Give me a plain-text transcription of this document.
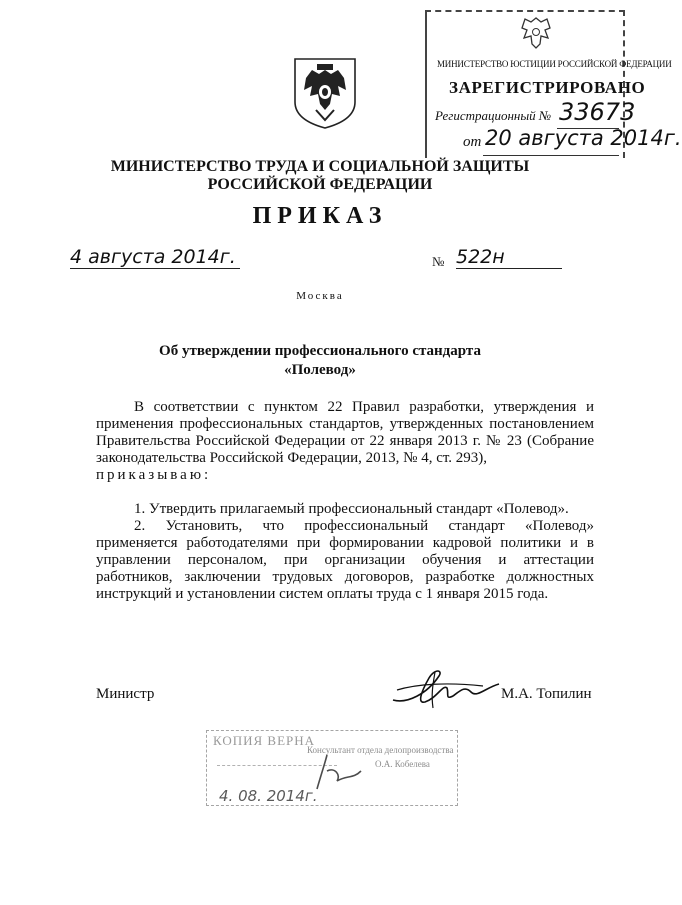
МИНИСТЕРСТВО ЮСТИЦИИ РОССИЙСКОЙ ФЕДЕРАЦИИ
ЗАРЕГИСТРИРОВАНО
Регистрационный № 33673
от 20 августа 2014г.
МИНИСТЕРСТВО ТРУДА И СОЦИАЛЬНОЙ ЗАЩИТЫ
РОССИЙСКОЙ ФЕДЕРАЦИИ
ПРИКАЗ
4 августа 2014г.	№ 522н
Москва
Об утверждении профессионального стандарта
«Полевод»

В соответствии с пунктом 22 Правил разработки, утверждения и применения профессиональных стандартов, утвержденных постановлением Правительства Российской Федерации от 22 января 2013 г. № 23 (Собрание законодательства Российской Федерации, 2013, № 4, ст. 293),

приказываю:

1. Утвердить прилагаемый профессиональный стандарт «Полевод».

2. Установить, что профессиональный стандарт «Полевод» применяется работодателями при формировании кадровой политики и в управлении персоналом, при организации обучения и аттестации работников, заключении трудовых договоров, разработке должностных инструкций и установлении систем оплаты труда с 1 января 2015 года.

Министр	М.А. Топилин
КОПИЯ ВЕРНА
Консультант отдела делопроизводства
О.А. Кобелева
4. 08. 2014г.
